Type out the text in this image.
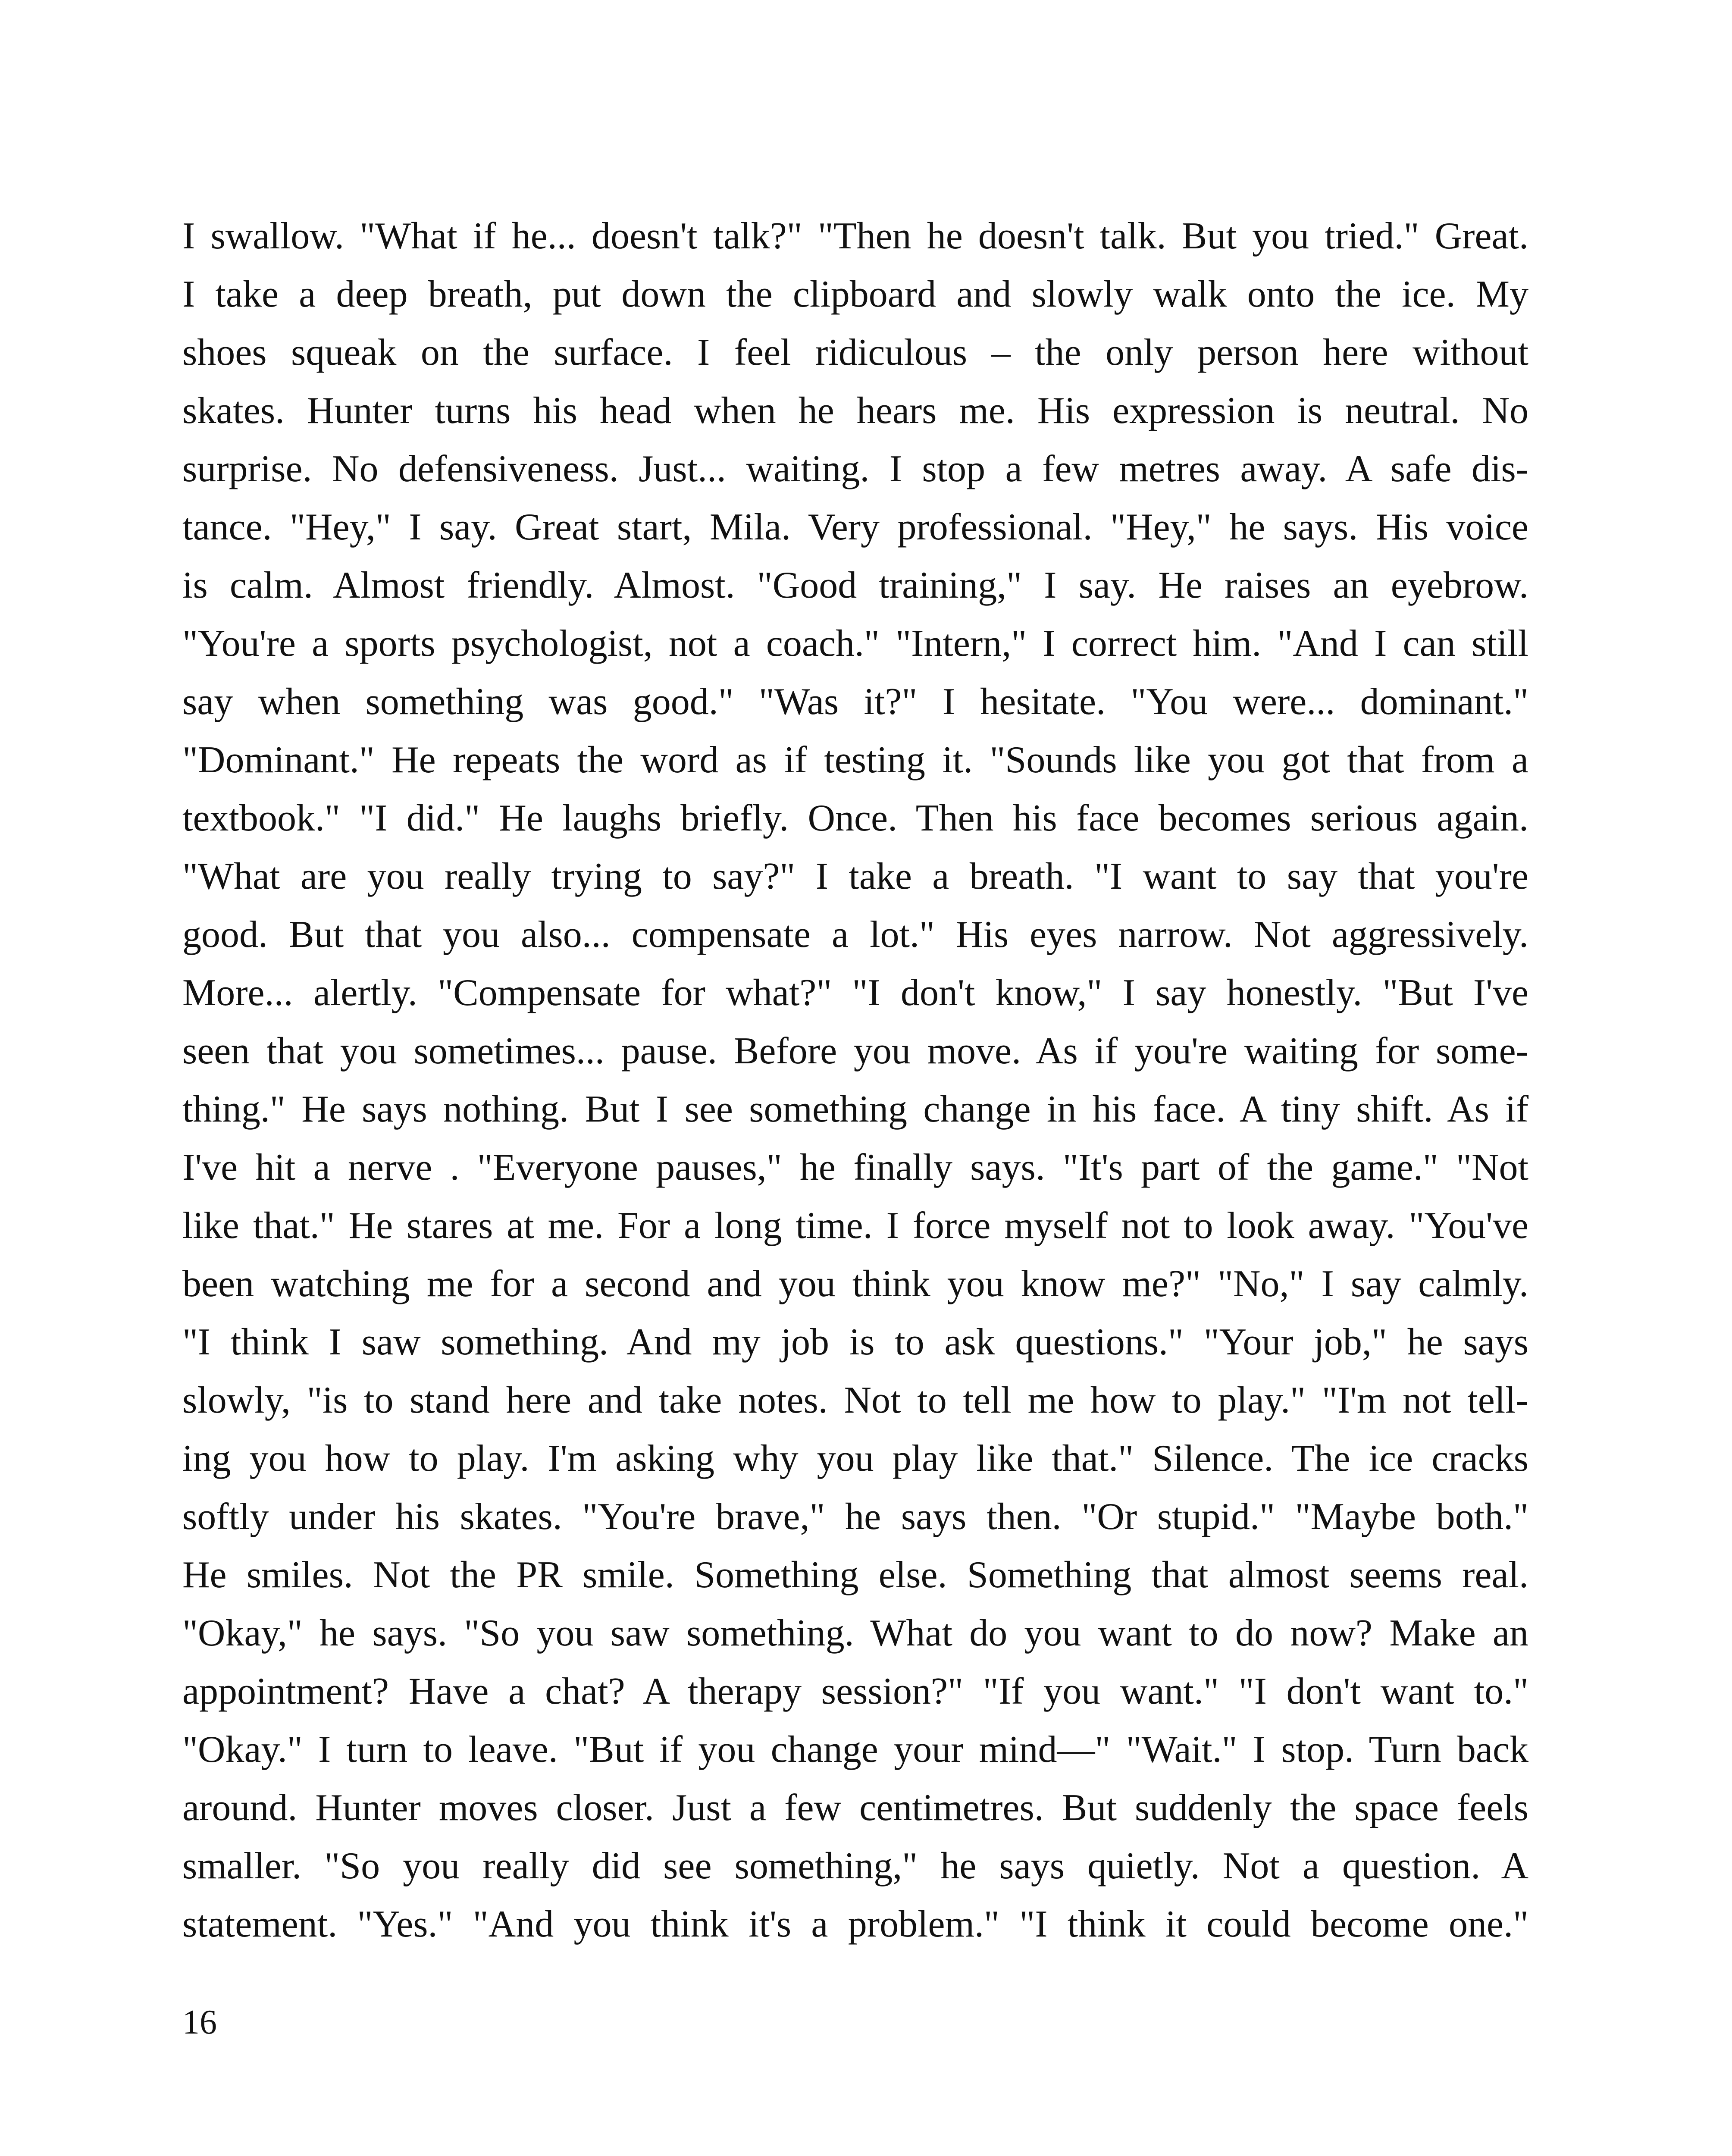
I swallow. "What if he... doesn't talk?" "Then he doesn't talk. But you tried." Great.
I take a deep breath, put down the clipboard and slowly walk onto the ice. My
shoes squeak on the surface. I feel ridiculous – the only person here without
skates. Hunter turns his head when he hears me. His expression is neutral. No
surprise. No defensiveness. Just... waiting. I stop a few metres away. A safe dis-
tance. "Hey," I say. Great start, Mila. Very professional. "Hey," he says. His voice
is calm. Almost friendly. Almost. "Good training," I say. He raises an eyebrow.
"You're a sports psychologist, not a coach." "Intern," I correct him. "And I can still
say when something was good." "Was it?" I hesitate. "You were... dominant."
"Dominant." He repeats the word as if testing it. "Sounds like you got that from a
textbook." "I did." He laughs briefly. Once. Then his face becomes serious again.
"What are you really trying to say?" I take a breath. "I want to say that you're
good. But that you also... compensate a lot." His eyes narrow. Not aggressively.
More... alertly. "Compensate for what?" "I don't know," I say honestly. "But I've
seen that you sometimes... pause. Before you move. As if you're waiting for some-
thing." He says nothing. But I see something change in his face. A tiny shift. As if
I've hit a nerve . "Everyone pauses," he finally says. "It's part of the game." "Not
like that." He stares at me. For a long time. I force myself not to look away. "You've
been watching me for a second and you think you know me?" "No," I say calmly.
"I think I saw something. And my job is to ask questions." "Your job," he says
slowly, "is to stand here and take notes. Not to tell me how to play." "I'm not tell-
ing you how to play. I'm asking why you play like that." Silence. The ice cracks
softly under his skates. "You're brave," he says then. "Or stupid." "Maybe both."
He smiles. Not the PR smile. Something else. Something that almost seems real.
"Okay," he says. "So you saw something. What do you want to do now? Make an
appointment? Have a chat? A therapy session?" "If you want." "I don't want to."
"Okay." I turn to leave. "But if you change your mind—" "Wait." I stop. Turn back
around. Hunter moves closer. Just a few centimetres. But suddenly the space feels
smaller. "So you really did see something," he says quietly. Not a question. A
statement. "Yes." "And you think it's a problem." "I think it could become one."
16
